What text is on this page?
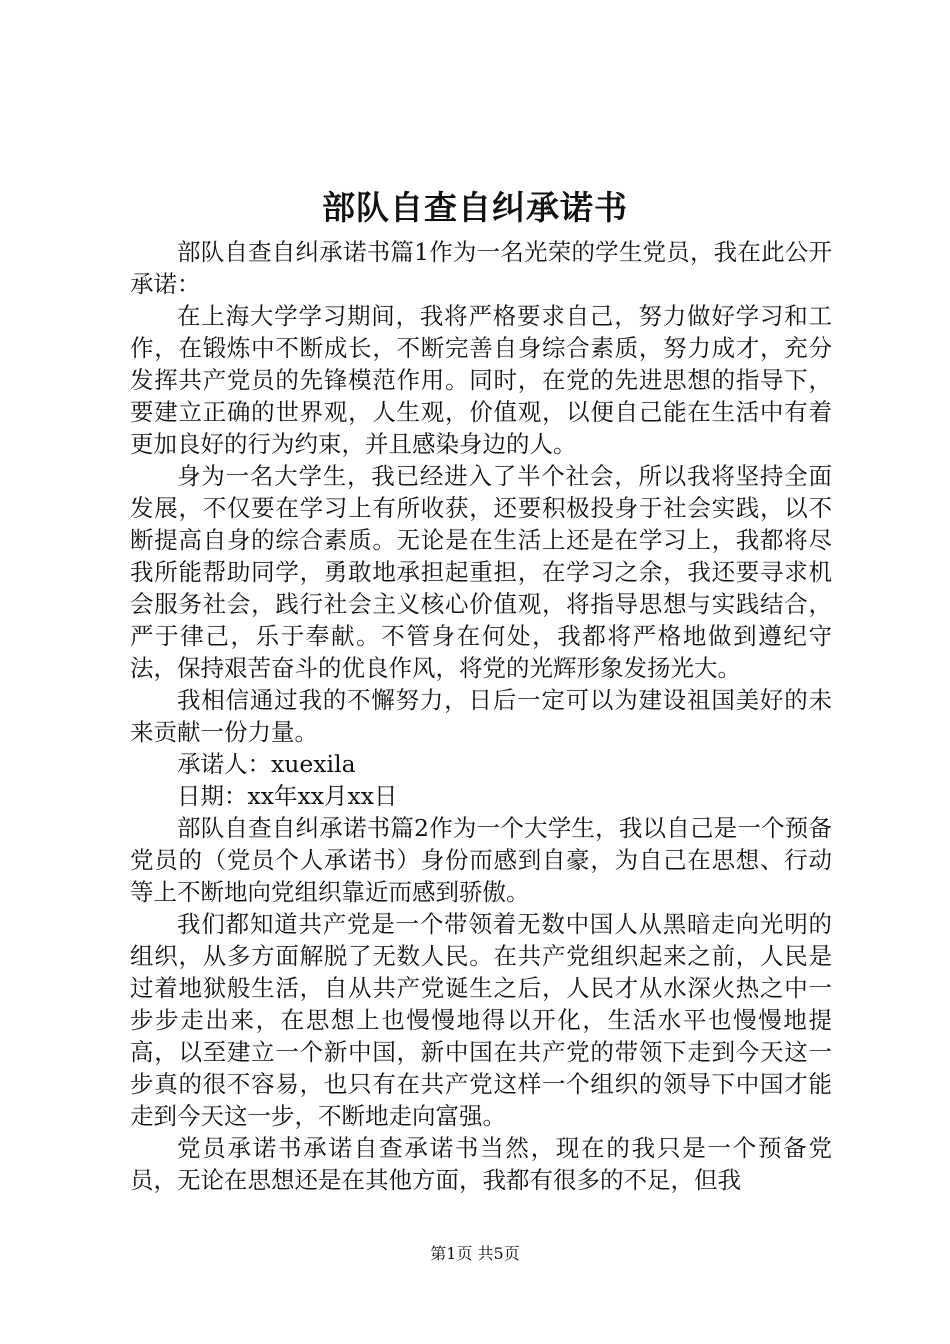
部队自查自纠承诺书

部队自查自纠承诺书篇1作为一名光荣的学生党员，我在此公开承诺：

在上海大学学习期间，我将严格要求自己，努力做好学习和工作，在锻炼中不断成长，不断完善自身综合素质，努力成才，充分发挥共产党员的先锋模范作用。同时，在党的先进思想的指导下，要建立正确的世界观，人生观，价值观，以便自己能在生活中有着更加良好的行为约束，并且感染身边的人。

身为一名大学生，我已经进入了半个社会，所以我将坚持全面发展，不仅要在学习上有所收获，还要积极投身于社会实践，以不断提高自身的综合素质。无论是在生活上还是在学习上，我都将尽我所能帮助同学，勇敢地承担起重担，在学习之余，我还要寻求机会服务社会，践行社会主义核心价值观，将指导思想与实践结合，严于律己，乐于奉献。不管身在何处，我都将严格地做到遵纪守法，保持艰苦奋斗的优良作风，将党的光辉形象发扬光大。

我相信通过我的不懈努力，日后一定可以为建设祖国美好的未来贡献一份力量。

承诺人：xuexila

日期：xx年xx月xx日

部队自查自纠承诺书篇2作为一个大学生，我以自己是一个预备党员的（党员个人承诺书）身份而感到自豪，为自己在思想、行动等上不断地向党组织靠近而感到骄傲。

我们都知道共产党是一个带领着无数中国人从黑暗走向光明的组织，从多方面解脱了无数人民。在共产党组织起来之前，人民是过着地狱般生活，自从共产党诞生之后，人民才从水深火热之中一步步走出来，在思想上也慢慢地得以开化，生活水平也慢慢地提高，以至建立一个新中国，新中国在共产党的带领下走到今天这一步真的很不容易，也只有在共产党这样一个组织的领导下中国才能走到今天这一步，不断地走向富强。

党员承诺书承诺自查承诺书当然，现在的我只是一个预备党员，无论在思想还是在其他方面，我都有很多的不足，但我

第1页 共5页
